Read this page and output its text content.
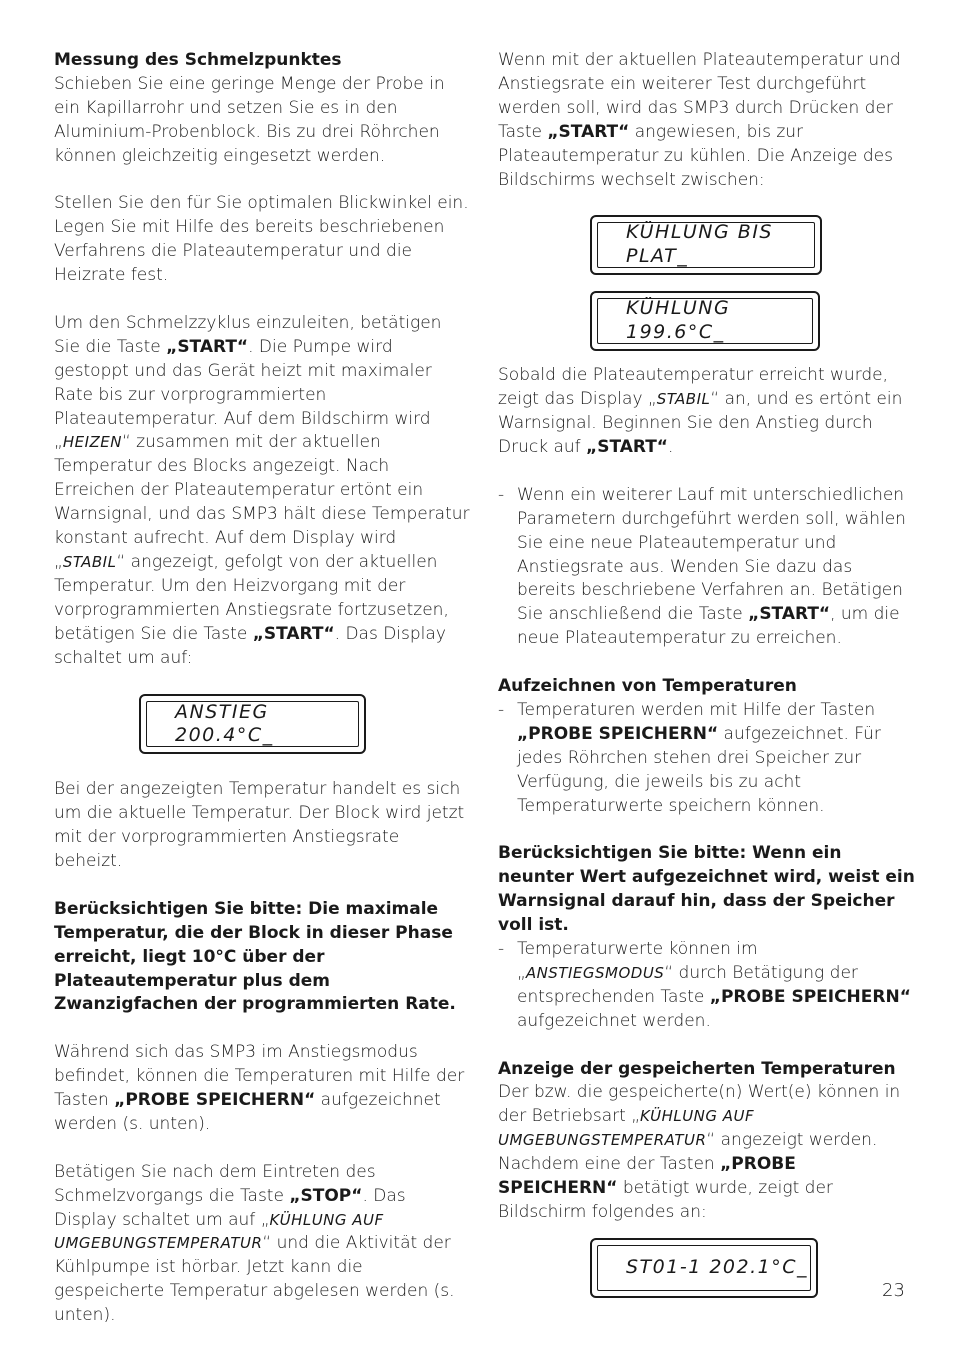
Messung des Schmelzpunktes
Schieben Sie eine geringe Menge der Probe in ein Kapillarrohr und setzen Sie es in den Aluminium-Probenblock. Bis zu drei Röhrchen können gleichzeitig eingesetzt werden.

Stellen Sie den für Sie optimalen Blickwinkel ein. Legen Sie mit Hilfe des bereits beschriebenen Verfahrens die Plateautemperatur und die Heizrate fest.

Um den Schmelzzyklus einzuleiten, betätigen Sie die Taste „START“. Die Pumpe wird gestoppt und das Gerät heizt mit maximaler Rate bis zur vorprogrammierten Plateautemperatur. Auf dem Bildschirm wird „HEIZEN“ zusammen mit der aktuellen Temperatur des Blocks angezeigt. Nach Erreichen der Plateautemperatur ertönt ein Warnsignal, und das SMP3 hält diese Temperatur konstant aufrecht. Auf dem Display wird „STABIL“ angezeigt, gefolgt von der aktuellen Temperatur. Um den Heizvorgang mit der vorprogrammierten Anstiegsrate fortzusetzen, betätigen Sie die Taste „START“. Das Display schaltet um auf:

ANSTIEG 200.4°C_

Bei der angezeigten Temperatur handelt es sich um die aktuelle Temperatur. Der Block wird jetzt mit der vorprogrammierten Anstiegsrate beheizt.

Berücksichtigen Sie bitte: Die maximale Temperatur, die der Block in dieser Phase erreicht, liegt 10°C über der Plateautemperatur plus dem Zwanzigfachen der programmierten Rate.

Während sich das SMP3 im Anstiegsmodus befindet, können die Temperaturen mit Hilfe der Tasten „PROBE SPEICHERN“ aufgezeichnet werden (s. unten).

Betätigen Sie nach dem Eintreten des Schmelzvorgangs die Taste „STOP“. Das Display schaltet um auf „KÜHLUNG AUF UMGEBUNGSTEMPERATUR“ und die Aktivität der Kühlpumpe ist hörbar. Jetzt kann die gespeicherte Temperatur abgelesen werden (s. unten).

Wenn mit der aktuellen Plateautemperatur und Anstiegsrate ein weiterer Test durchgeführt werden soll, wird das SMP3 durch Drücken der Taste „START“ angewiesen, bis zur Plateautemperatur zu kühlen. Die Anzeige des Bildschirms wechselt zwischen:

KÜHLUNG BIS PLAT_
KÜHLUNG 199.6°C_

Sobald die Plateautemperatur erreicht wurde, zeigt das Display „STABIL“ an, und es ertönt ein Warnsignal. Beginnen Sie den Anstieg durch Druck auf „START“.

- Wenn ein weiterer Lauf mit unterschiedlichen Parametern durchgeführt werden soll, wählen Sie eine neue Plateautemperatur und Anstiegsrate aus. Wenden Sie dazu das bereits beschriebene Verfahren an. Betätigen Sie anschließend die Taste „START“, um die neue Plateautemperatur zu erreichen.
Aufzeichnen von Temperaturen
- Temperaturen werden mit Hilfe der Tasten „PROBE SPEICHERN“ aufgezeichnet. Für jedes Röhrchen stehen drei Speicher zur Verfügung, die jeweils bis zu acht Temperaturwerte speichern können.

Berücksichtigen Sie bitte: Wenn ein neunter Wert aufgezeichnet wird, weist ein Warnsignal darauf hin, dass der Speicher voll ist.

- Temperaturwerte können im „ANSTIEGSMODUS“ durch Betätigung der entsprechenden Taste „PROBE SPEICHERN“ aufgezeichnet werden.
Anzeige der gespeicherten Temperaturen

Der bzw. die gespeicherte(n) Wert(e) können in der Betriebsart „KÜHLUNG AUF UMGEBUNGSTEMPERATUR“ angezeigt werden. Nachdem eine der Tasten „PROBE SPEICHERN“ betätigt wurde, zeigt der Bildschirm folgendes an:

ST01-1 202.1°C_
23
